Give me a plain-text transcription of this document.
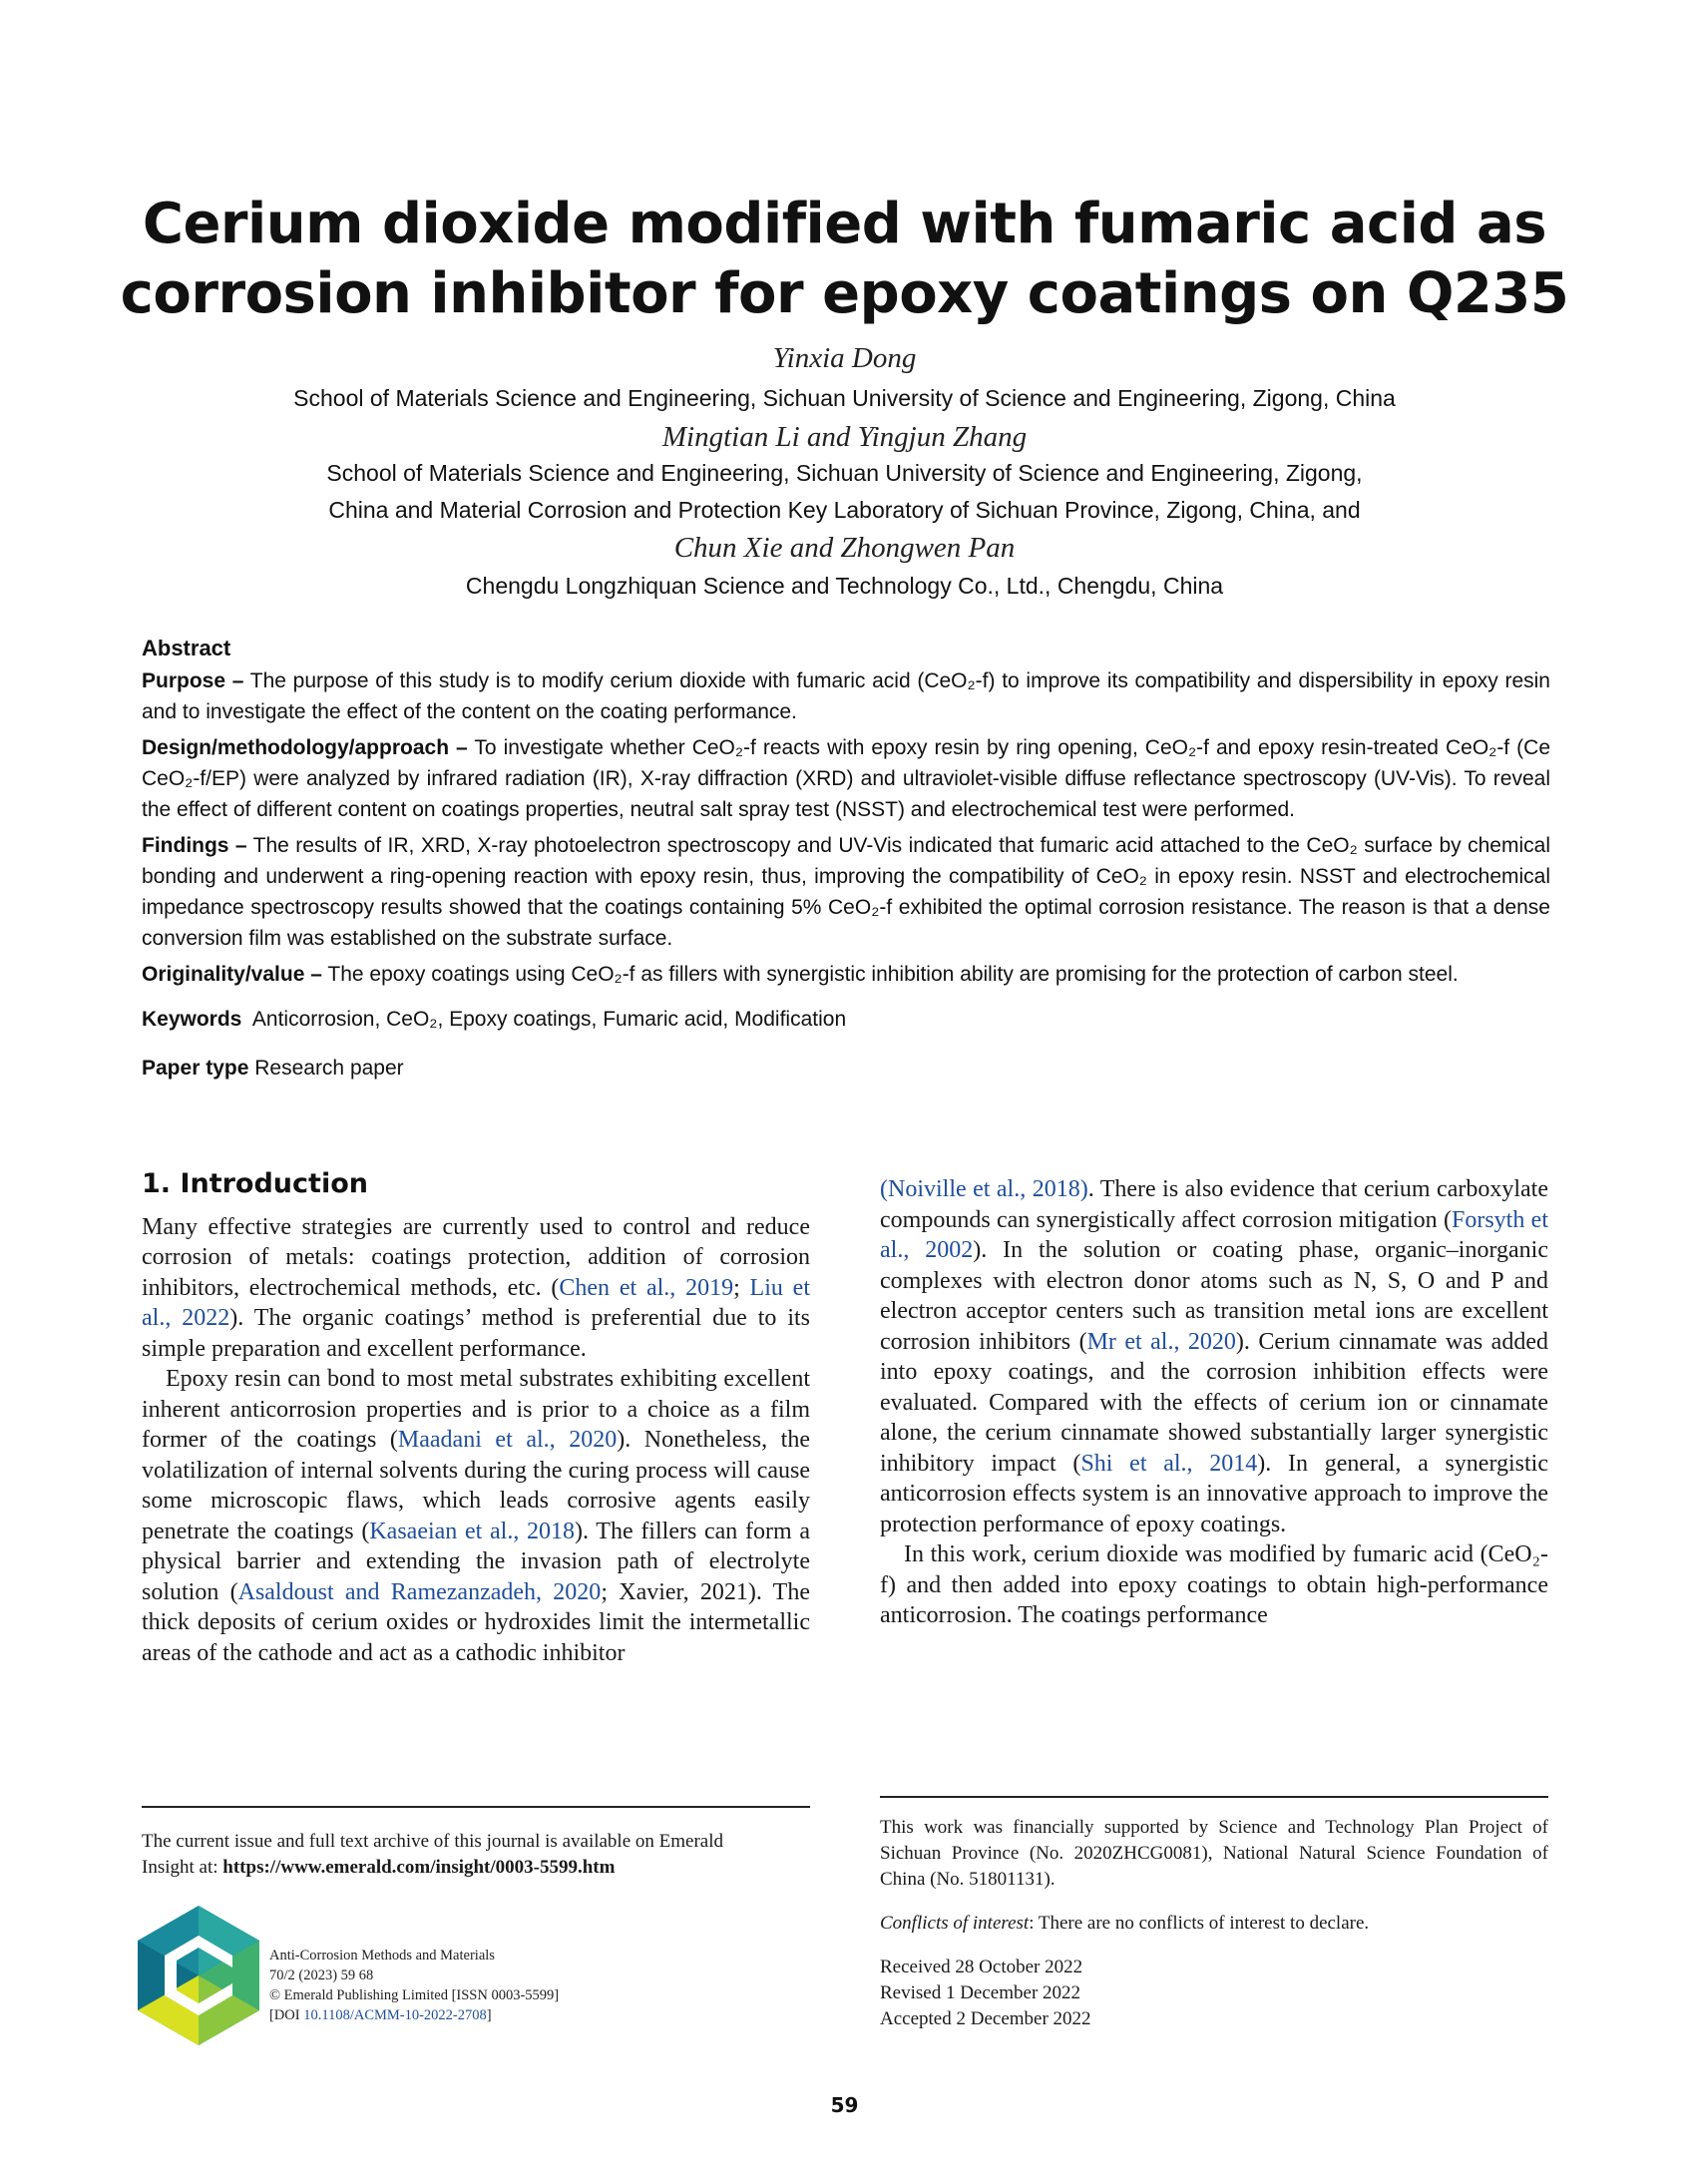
Cerium dioxide modified with fumaric acid as
corrosion inhibitor for epoxy coatings on Q235
Yinxia Dong
School of Materials Science and Engineering, Sichuan University of Science and Engineering, Zigong, China
Mingtian Li and Yingjun Zhang
School of Materials Science and Engineering, Sichuan University of Science and Engineering, Zigong,
China and Material Corrosion and Protection Key Laboratory of Sichuan Province, Zigong, China, and
Chun Xie and Zhongwen Pan
Chengdu Longzhiquan Science and Technology Co., Ltd., Chengdu, China
Abstract

Purpose – The purpose of this study is to modify cerium dioxide with fumaric acid (CeO₂-f) to improve its compatibility and dispersibility in epoxy resin and to investigate the effect of the content on the coating performance.

Design/methodology/approach – To investigate whether CeO₂-f reacts with epoxy resin by ring opening, CeO₂-f and epoxy resin-treated CeO₂-f (Ce CeO₂-f/EP) were analyzed by infrared radiation (IR), X-ray diffraction (XRD) and ultraviolet-visible diffuse reflectance spectroscopy (UV-Vis). To reveal the effect of different content on coatings properties, neutral salt spray test (NSST) and electrochemical test were performed.

Findings – The results of IR, XRD, X-ray photoelectron spectroscopy and UV-Vis indicated that fumaric acid attached to the CeO₂ surface by chemical bonding and underwent a ring-opening reaction with epoxy resin, thus, improving the compatibility of CeO₂ in epoxy resin. NSST and electrochemical impedance spectroscopy results showed that the coatings containing 5% CeO₂-f exhibited the optimal corrosion resistance. The reason is that a dense conversion film was established on the substrate surface.

Originality/value – The epoxy coatings using CeO₂-f as fillers with synergistic inhibition ability are promising for the protection of carbon steel.

Keywords Anticorrosion, CeO₂, Epoxy coatings, Fumaric acid, Modification

Paper type Research paper

1. Introduction

Many effective strategies are currently used to control and reduce corrosion of metals: coatings protection, addition of corrosion inhibitors, electrochemical methods, etc. (Chen et al., 2019; Liu et al., 2022). The organic coatings’ method is preferential due to its simple preparation and excellent performance.

Epoxy resin can bond to most metal substrates exhibiting excellent inherent anticorrosion properties and is prior to a choice as a film former of the coatings (Maadani et al., 2020). Nonetheless, the volatilization of internal solvents during the curing process will cause some microscopic flaws, which leads corrosive agents easily penetrate the coatings (Kasaeian et al., 2018). The fillers can form a physical barrier and extending the invasion path of electrolyte solution (Asaldoust and Ramezanzadeh, 2020; Xavier, 2021). The thick deposits of cerium oxides or hydroxides limit the intermetallic areas of the cathode and act as a cathodic inhibitor

(Noiville et al., 2018). There is also evidence that cerium carboxylate compounds can synergistically affect corrosion mitigation (Forsyth et al., 2002). In the solution or coating phase, organic–inorganic complexes with electron donor atoms such as N, S, O and P and electron acceptor centers such as transition metal ions are excellent corrosion inhibitors (Mr et al., 2020). Cerium cinnamate was added into epoxy coatings, and the corrosion inhibition effects were evaluated. Compared with the effects of cerium ion or cinnamate alone, the cerium cinnamate showed substantially larger synergistic inhibitory impact (Shi et al., 2014). In general, a synergistic anticorrosion effects system is an innovative approach to improve the protection performance of epoxy coatings.

In this work, cerium dioxide was modified by fumaric acid (CeO₂-f) and then added into epoxy coatings to obtain high-performance anticorrosion. The coatings performance

The current issue and full text archive of this journal is available on Emerald

Insight at: https://www.emerald.com/insight/0003-5599.htm

Anti-Corrosion Methods and Materials

70/2 (2023) 59 68

© Emerald Publishing Limited [ISSN 0003-5599]

[DOI 10.1108/ACMM-10-2022-2708]

This work was financially supported by Science and Technology Plan Project of Sichuan Province (No. 2020ZHCG0081), National Natural Science Foundation of China (No. 51801131).

Conflicts of interest: There are no conflicts of interest to declare.

Received 28 October 2022

Revised 1 December 2022

Accepted 2 December 2022

59
